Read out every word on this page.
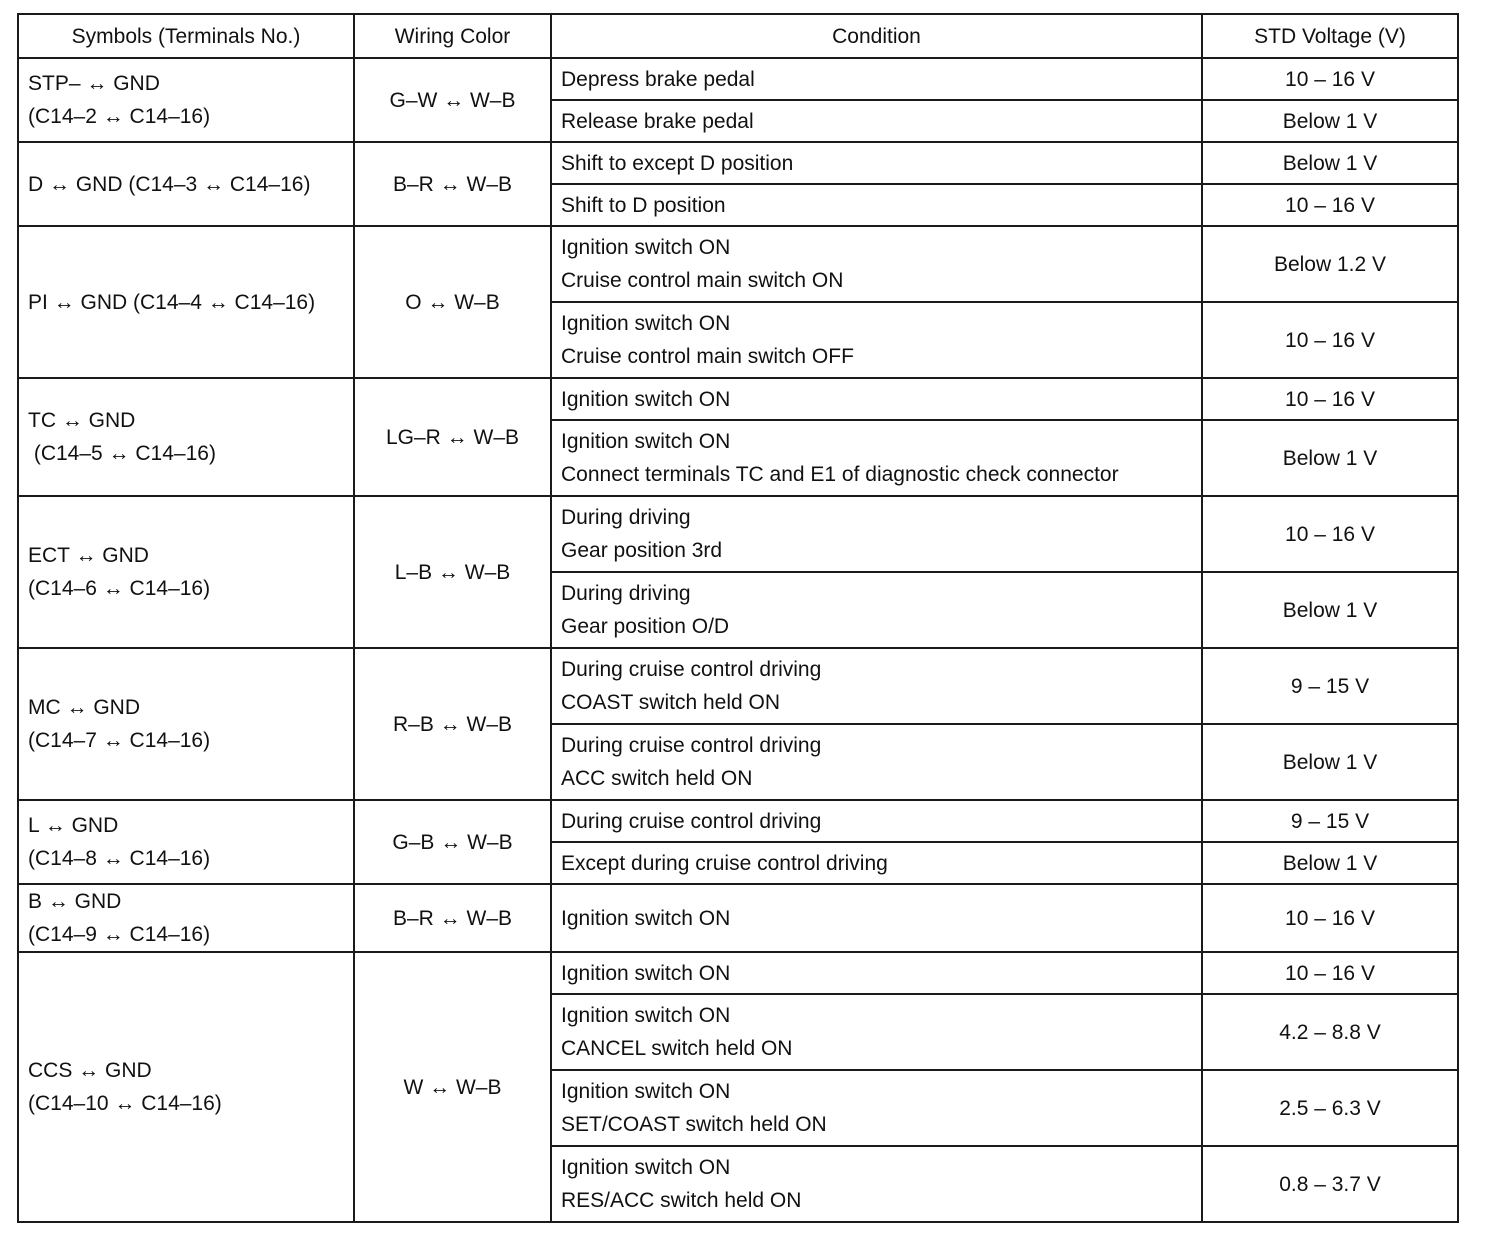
Symbols (Terminals No.)	Wiring Color	Condition	STD Voltage (V)

STP– ↔ GND
(C14–2 ↔ C14–16)	G–W ↔ W–B	Depress brake pedal	10 – 16 V

		Release brake pedal	Below 1 V

D ↔ GND (C14–3 ↔ C14–16)	B–R ↔ W–B	Shift to except D position	Below 1 V

		Shift to D position	10 – 16 V

PI ↔ GND (C14–4 ↔ C14–16)	O ↔ W–B	Ignition switch ON
Cruise control main switch ON	Below 1.2 V

		Ignition switch ON
Cruise control main switch OFF	10 – 16 V

TC ↔ GND
(C14–5 ↔ C14–16)	LG–R ↔ W–B	Ignition switch ON	10 – 16 V

		Ignition switch ON
Connect terminals TC and E1 of diagnostic check connector	Below 1 V

ECT ↔ GND
(C14–6 ↔ C14–16)	L–B ↔ W–B	During driving
Gear position 3rd	10 – 16 V

		During driving
Gear position O/D	Below 1 V

MC ↔ GND
(C14–7 ↔ C14–16)	R–B ↔ W–B	During cruise control driving
COAST switch held ON	9 – 15 V

		During cruise control driving
ACC switch held ON	Below 1 V

L ↔ GND
(C14–8 ↔ C14–16)	G–B ↔ W–B	During cruise control driving	9 – 15 V

		Except during cruise control driving	Below 1 V

B ↔ GND
(C14–9 ↔ C14–16)	B–R ↔ W–B	Ignition switch ON	10 – 16 V

CCS ↔ GND
(C14–10 ↔ C14–16)	W ↔ W–B	Ignition switch ON	10 – 16 V

		Ignition switch ON
CANCEL switch held ON	4.2 – 8.8 V

		Ignition switch ON
SET/COAST switch held ON	2.5 – 6.3 V

		Ignition switch ON
RES/ACC switch held ON	0.8 – 3.7 V
